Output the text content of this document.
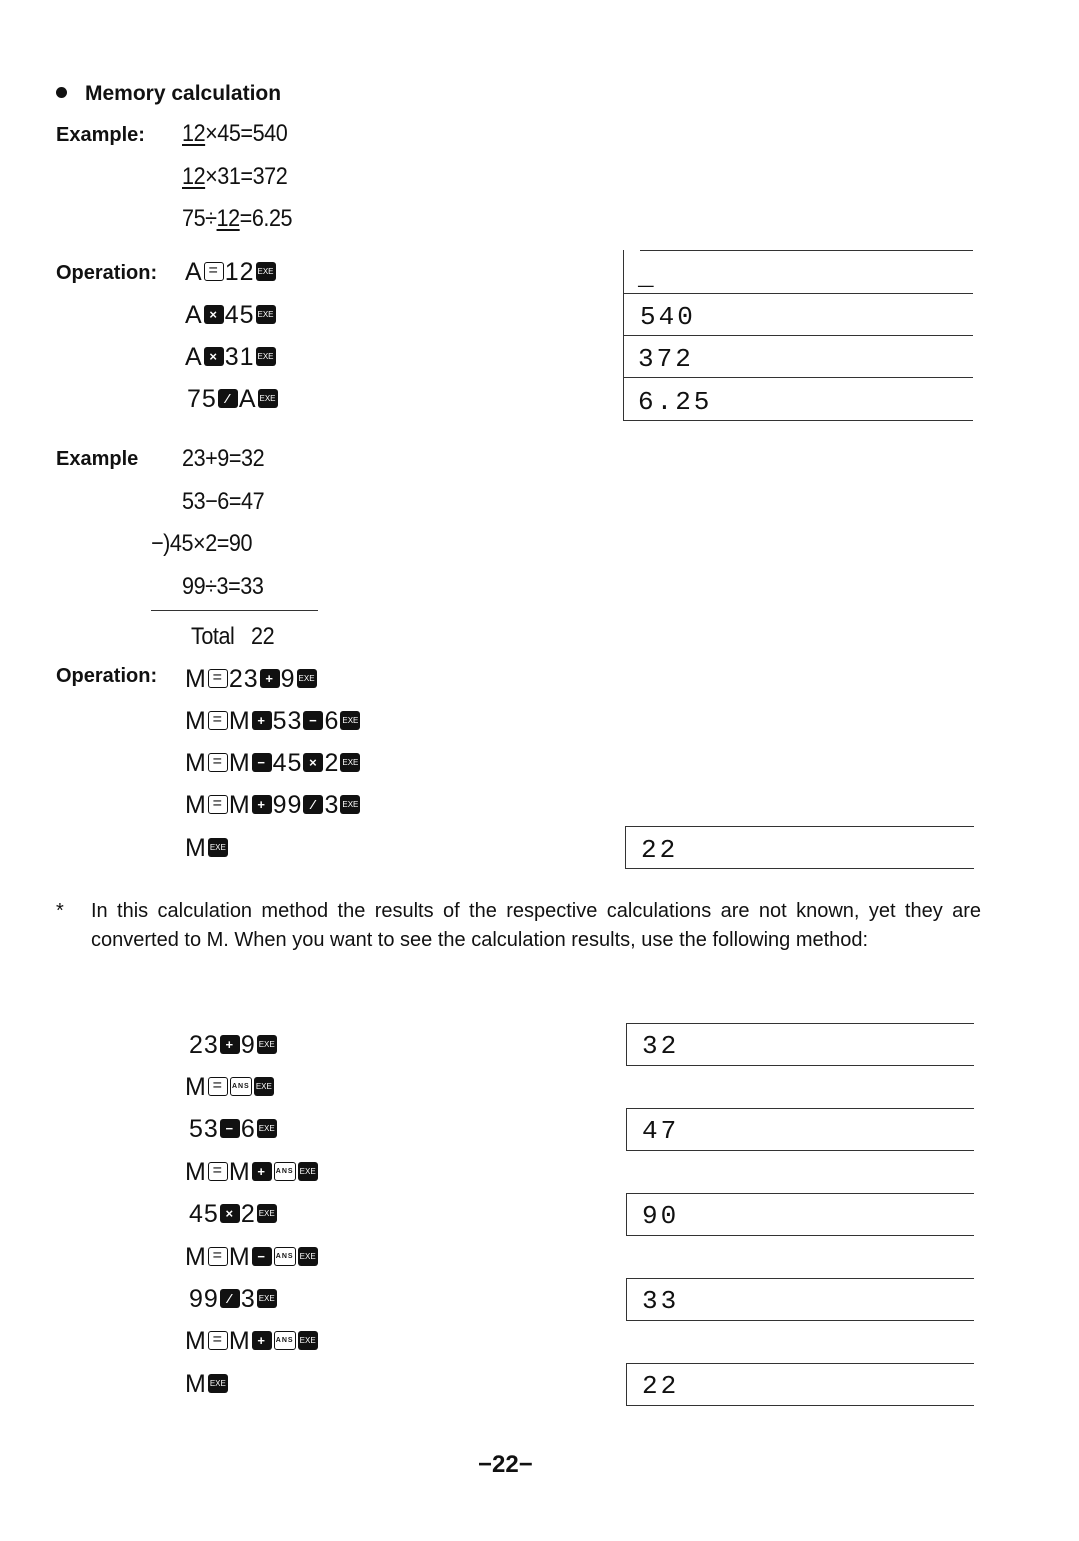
Memory calculation
Example: 12×45=540
12×31=372
75÷12=6.25
Operation: A = 12 EXE
A × 45 EXE
A × 31 EXE
75 ⁄ A EXE
_
540
372
6.25
Example 23+9=32
53−6=47
−)45×2=90
99÷3=33
Total 22
Operation: M = 23 + 9 EXE
M = M + 53 − 6 EXE
M = M − 45 × 2 EXE
M = M + 99 ⁄ 3 EXE
M EXE	22
* In this calculation method the results of the respective calculations are not known, yet they are converted to M. When you want to see the calculation results, use the following method:
23 + 9 EXE
M = ANS EXE
53 − 6 EXE
M = M + ANS EXE
45 × 2 EXE
M = M − ANS EXE
99 ⁄ 3 EXE
M = M + ANS EXE
M EXE
32
47
90
33
22
−22−
